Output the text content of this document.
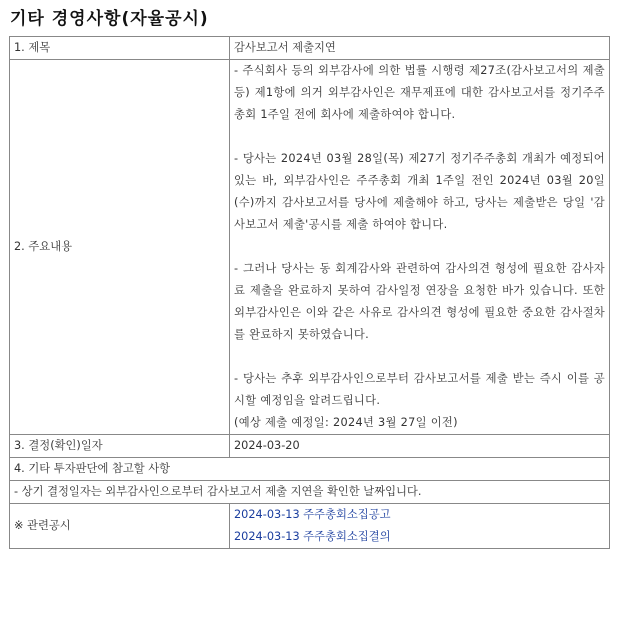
기타 경영사항(자율공시)
1. 제목	감사보고서 제출지연
2. 주요내용	- 주식회사 등의 외부감사에 의한 법률 시행령 제27조(감사보고서의 제출 등) 제1항에 의거 외부감사인은 재무제표에 대한 감사보고서를 정기주주총회 1주일 전에 회사에 제출하여야 합니다.

- 당사는 2024년 03월 28일(목) 제27기 정기주주총회 개최가 예정되어 있는 바, 외부감사인은 주주총회 개최 1주일 전인 2024년 03월 20일(수)까지 감사보고서를 당사에 제출해야 하고, 당사는 제출받은 당일 '감사보고서 제출'공시를 제출 하여야 합니다.

- 그러나 당사는 동 회계감사와 관련하여 감사의견 형성에 필요한 감사자료 제출을 완료하지 못하여 감사일정 연장을 요청한 바가 있습니다. 또한 외부감사인은 이와 같은 사유로 감사의견 형성에 필요한 중요한 감사절차를 완료하지 못하였습니다.

- 당사는 추후 외부감사인으로부터 감사보고서를 제출 받는 즉시 이를 공시할 예정임을 알려드립니다.

(예상 제출 예정일: 2024년 3월 27일 이전)

3. 결정(확인)일자	2024-03-20
4. 기타 투자판단에 참고할 사항	
- 상기 결정일자는 외부감사인으로부터 감사보고서 제출 지연을 확인한 날짜입니다.	
※ 관련공시	2024-03-13 주주총회소집공고
2024-03-13 주주총회소집결의
